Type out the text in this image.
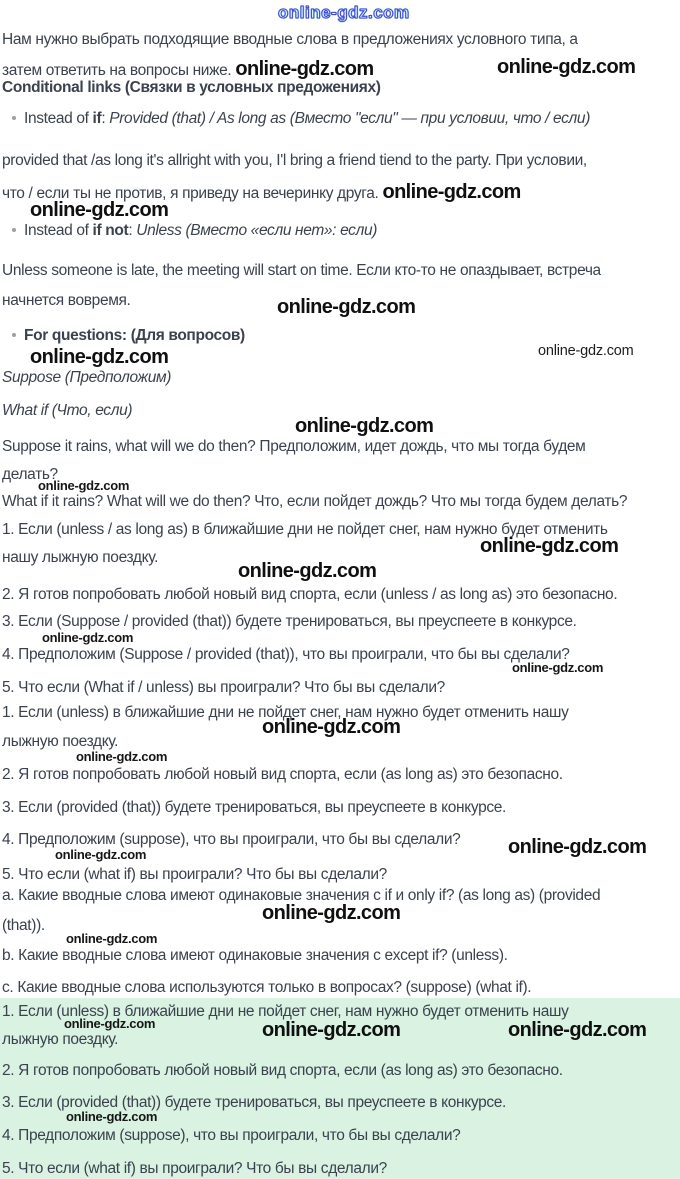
online-gdz.com
Нам нужно выбрать подходящие вводные слова в предложениях условного типа, а
затем ответить на вопросы ниже. online-gdz.com	online-gdz.com
Conditional links (Связки в условных предожениях)
Instead of if: Provided (that) / As long as (Вместо "если" — при условии, что / если)
provided that /as long it's allright with you, I'l bring a friend tiend to the party. При условии,
что / если ты не против, я приведу на вечеринку друга. online-gdz.com
online-gdz.com
Instead of if not: Unless (Вместо «если нет»: если)
Unless someone is late, the meeting will start on time. Если кто-то не опаздывает, встреча
начнется вовремя.	online-gdz.com
For questions: (Для вопросов)
online-gdz.com	online-gdz.com
Suppose (Предположим)
What if (Что, если)
online-gdz.com
Suppose it rains, what will we do then? Предположим, идет дождь, что мы тогда будем
делать?
online-gdz.com
What if it rains? What will we do then? Что, если пойдет дождь? Что мы тогда будем делать?
1. Если (unless / as long as) в ближайшие дни не пойдет снег, нам нужно будет отменить
online-gdz.com
нашу лыжную поездку.
online-gdz.com
2. Я готов попробовать любой новый вид спорта, если (unless / as long as) это безопасно.
3. Если (Suppose / provided (that)) будете тренироваться, вы преуспеете в конкурсе.
online-gdz.com
4. Предположим (Suppose / provided (that)), что вы проиграли, что бы вы сделали?
online-gdz.com
5. Что если (What if / unless) вы проиграли? Что бы вы сделали?
1. Если (unless) в ближайшие дни не пойдет снег, нам нужно будет отменить нашу
online-gdz.com
лыжную поездку.
online-gdz.com
2. Я готов попробовать любой новый вид спорта, если (as long as) это безопасно.
3. Если (provided (that)) будете тренироваться, вы преуспеете в конкурсе.
4. Предположим (suppose), что вы проиграли, что бы вы сделали? online-gdz.com
online-gdz.com
5. Что если (what if) вы проиграли? Что бы вы сделали?
a. Какие вводные слова имеют одинаковые значения с if и only if? (as long as) (provided
online-gdz.com
(that)).
online-gdz.com
b. Какие вводные слова имеют одинаковые значения с except if? (unless).
c. Какие вводные слова используются только в вопросах? (suppose) (what if).
1. Если (unless) в ближайшие дни не пойдет снег, нам нужно будет отменить нашу
online-gdz.com	online-gdz.com	online-gdz.com
лыжную поездку.
2. Я готов попробовать любой новый вид спорта, если (as long as) это безопасно.
3. Если (provided (that)) будете тренироваться, вы преуспеете в конкурсе.
online-gdz.com
4. Предположим (suppose), что вы проиграли, что бы вы сделали?
5. Что если (what if) вы проиграли? Что бы вы сделали?
